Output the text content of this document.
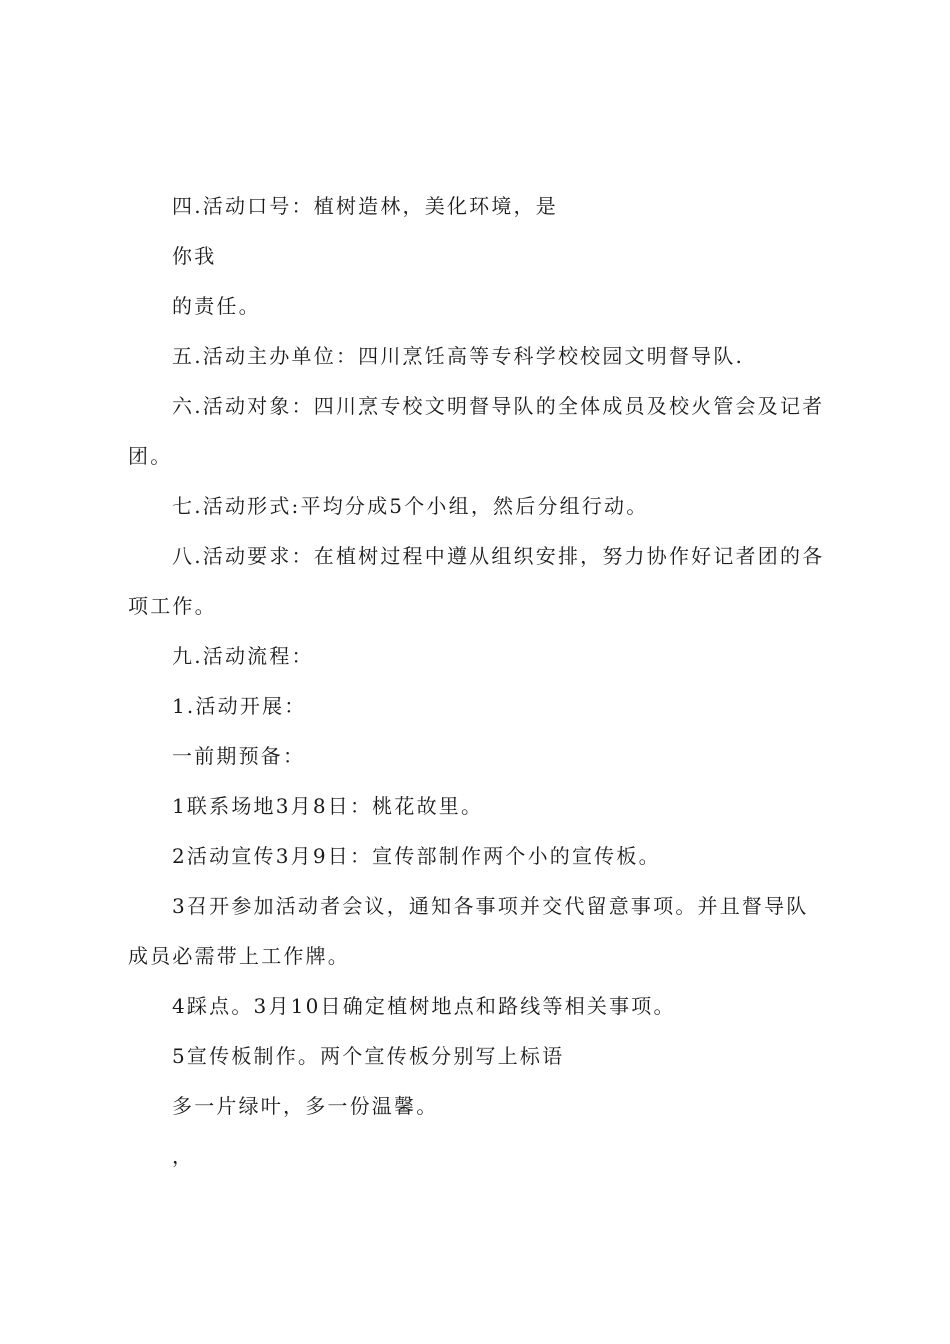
四.活动口号：植树造林，美化环境，是
你我
的责任。
五.活动主办单位：四川烹饪高等专科学校校园文明督导队.
六.活动对象：四川烹专校文明督导队的全体成员及校火管会及记者
团。
七.活动形式:平均分成5个小组，然后分组行动。
八.活动要求：在植树过程中遵从组织安排，努力协作好记者团的各
项工作。
九.活动流程：
1.活动开展：
一前期预备：
1联系场地3月8日：桃花故里。
2活动宣传3月9日：宣传部制作两个小的宣传板。
3召开参加活动者会议，通知各事项并交代留意事项。并且督导队
成员必需带上工作牌。
4踩点。3月10日确定植树地点和路线等相关事项。
5宣传板制作。两个宣传板分别写上标语
多一片绿叶，多一份温馨。
，
